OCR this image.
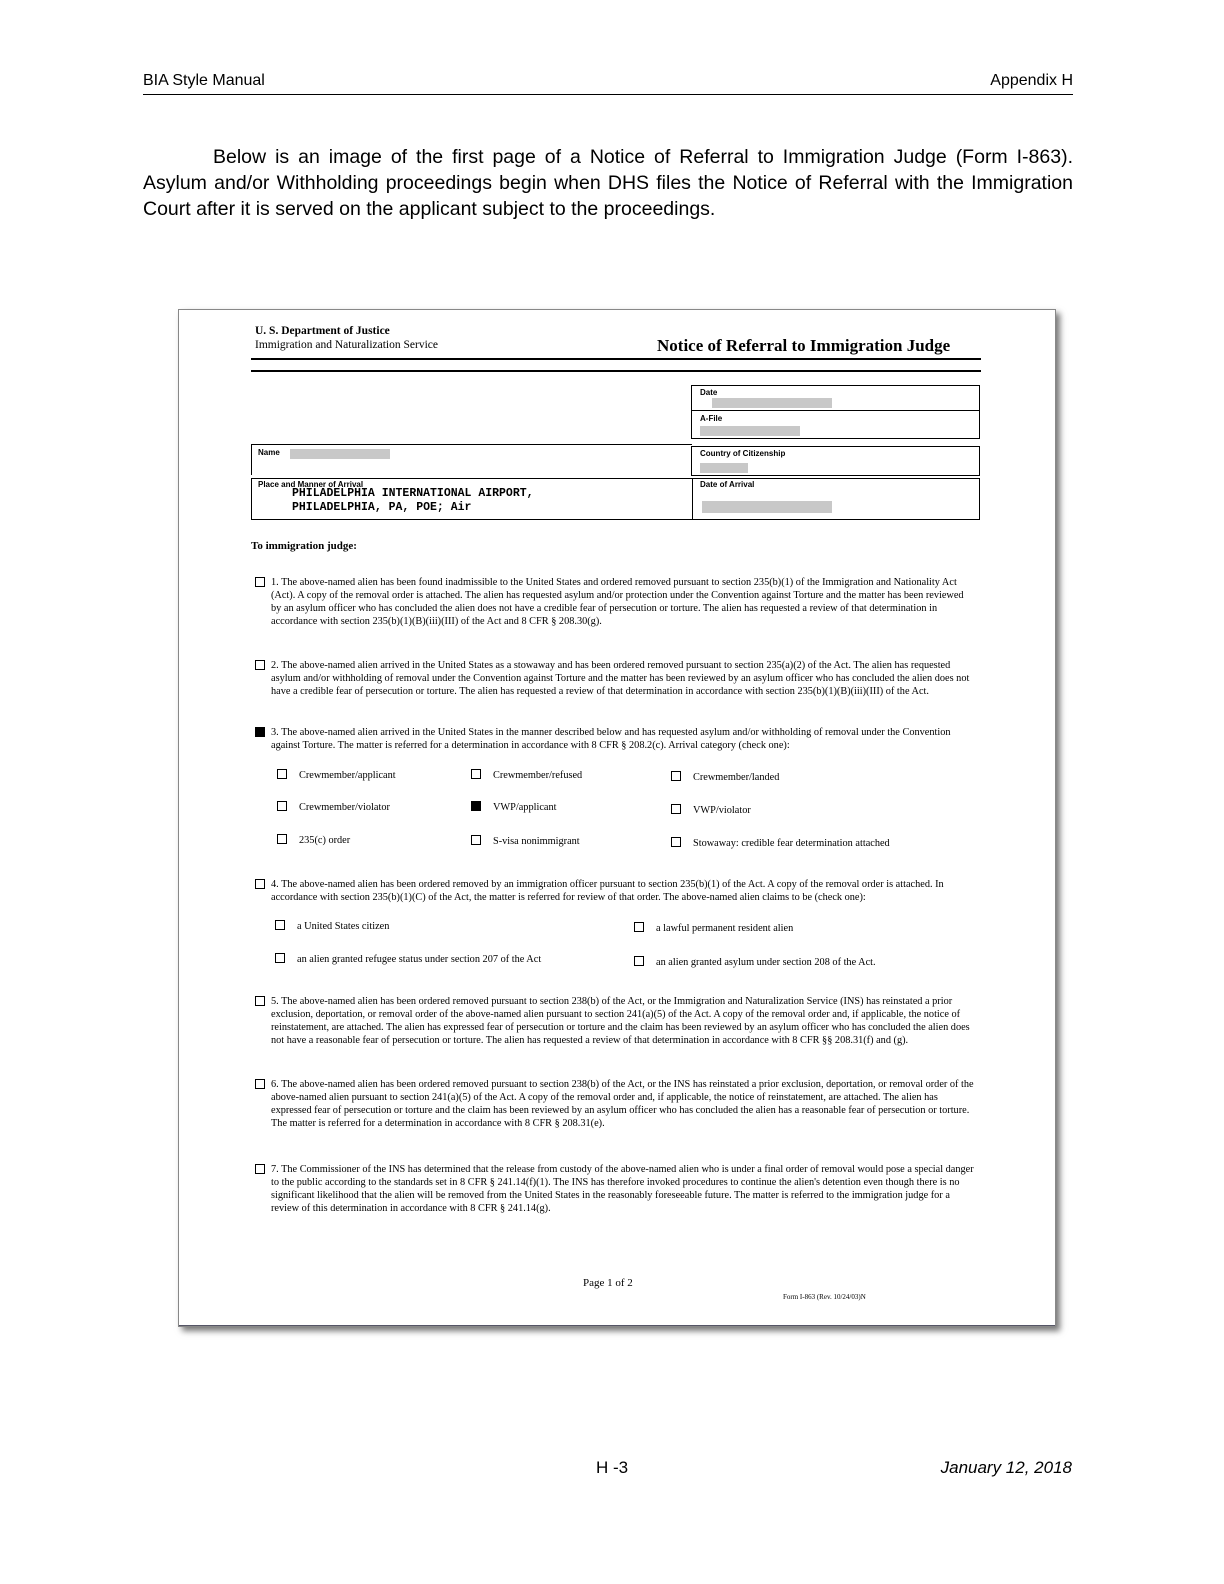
BIA Style Manual	Appendix H
Below is an image of the first page of a Notice of Referral to Immigration Judge (Form I-863). Asylum and/or Withholding proceedings begin when DHS files the Notice of Referral with the Immigration Court after it is served on the applicant subject to the proceedings.
U. S. Department of Justice
Immigration and Naturalization Service	Notice of Referral to Immigration Judge
Date
A-File
Name	Country of Citizenship
Place and Manner of Arrival
PHILADELPHIA INTERNATIONAL AIRPORT,
PHILADELPHIA, PA, POE; Air
Date of Arrival
To immigration judge:
1. The above-named alien has been found inadmissible to the United States and ordered removed pursuant to section 235(b)(1) of the Immigration and Nationality Act (Act). A copy of the removal order is attached. The alien has requested asylum and/or protection under the Convention against Torture and the matter has been reviewed by an asylum officer who has concluded the alien does not have a credible fear of persecution or torture. The alien has requested a review of that determination in accordance with section 235(b)(1)(B)(iii)(III) of the Act and 8 CFR § 208.30(g).
2. The above-named alien arrived in the United States as a stowaway and has been ordered removed pursuant to section 235(a)(2) of the Act. The alien has requested asylum and/or withholding of removal under the Convention against Torture and the matter has been reviewed by an asylum officer who has concluded the alien does not have a credible fear of persecution or torture. The alien has requested a review of that determination in accordance with section 235(b)(1)(B)(iii)(III) of the Act.
3. The above-named alien arrived in the United States in the manner described below and has requested asylum and/or withholding of removal under the Convention against Torture. The matter is referred for a determination in accordance with 8 CFR § 208.2(c). Arrival category (check one):
Crewmember/applicant	Crewmember/refused	Crewmember/landed
Crewmember/violator	VWP/applicant	VWP/violator
235(c) order	S-visa nonimmigrant	Stowaway: credible fear determination attached
4. The above-named alien has been ordered removed by an immigration officer pursuant to section 235(b)(1) of the Act. A copy of the removal order is attached. In accordance with section 235(b)(1)(C) of the Act, the matter is referred for review of that order. The above-named alien claims to be (check one):
a United States citizen	a lawful permanent resident alien
an alien granted refugee status under section 207 of the Act	an alien granted asylum under section 208 of the Act.
5. The above-named alien has been ordered removed pursuant to section 238(b) of the Act, or the Immigration and Naturalization Service (INS) has reinstated a prior exclusion, deportation, or removal order of the above-named alien pursuant to section 241(a)(5) of the Act. A copy of the removal order and, if applicable, the notice of reinstatement, are attached. The alien has expressed fear of persecution or torture and the claim has been reviewed by an asylum officer who has concluded the alien does not have a reasonable fear of persecution or torture. The alien has requested a review of that determination in accordance with 8 CFR §§ 208.31(f) and (g).
6. The above-named alien has been ordered removed pursuant to section 238(b) of the Act, or the INS has reinstated a prior exclusion, deportation, or removal order of the above-named alien pursuant to section 241(a)(5) of the Act. A copy of the removal order and, if applicable, the notice of reinstatement, are attached. The alien has expressed fear of persecution or torture and the claim has been reviewed by an asylum officer who has concluded the alien has a reasonable fear of persecution or torture. The matter is referred for a determination in accordance with 8 CFR § 208.31(e).
7. The Commissioner of the INS has determined that the release from custody of the above-named alien who is under a final order of removal would pose a special danger to the public according to the standards set in 8 CFR § 241.14(f)(1). The INS has therefore invoked procedures to continue the alien's detention even though there is no significant likelihood that the alien will be removed from the United States in the reasonably foreseeable future. The matter is referred to the immigration judge for a review of this determination in accordance with 8 CFR § 241.14(g).
Page 1 of 2
Form I-863 (Rev. 10/24/03)N
H -3	January 12, 2018
